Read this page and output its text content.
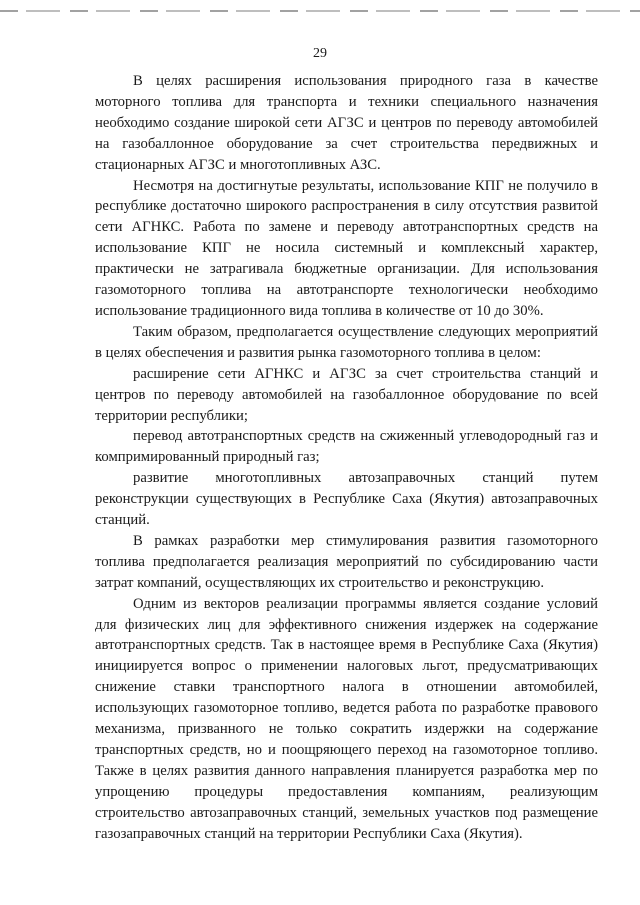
29

В целях расширения использования природного газа в качестве моторного топлива для транспорта и техники специального назначения необходимо создание широкой сети АГЗС и центров по переводу автомобилей на газобаллонное оборудование за счет строительства передвижных и стационарных АГЗС и многотопливных АЗС.

Несмотря на достигнутые результаты, использование КПГ не получило в республике достаточно широкого распространения в силу отсутствия развитой сети АГНКС. Работа по замене и переводу автотранспортных средств на использование КПГ не носила системный и комплексный характер, практически не затрагивала бюджетные организации. Для использования газомоторного топлива на автотранспорте технологически необходимо использование традиционного вида топлива в количестве от 10 до 30%.

Таким образом, предполагается осуществление следующих мероприятий в целях обеспечения и развития рынка газомоторного топлива в целом:

расширение сети АГНКС и АГЗС за счет строительства станций и центров по переводу автомобилей на газобаллонное оборудование по всей территории республики;

перевод автотранспортных средств на сжиженный углеводородный газ и компримированный природный газ;

развитие многотопливных автозаправочных станций путем реконструкции существующих в Республике Саха (Якутия) автозаправочных станций.

В рамках разработки мер стимулирования развития газомоторного топлива предполагается реализация мероприятий по субсидированию части затрат компаний, осуществляющих их строительство и реконструкцию.

Одним из векторов реализации программы является создание условий для физических лиц для эффективного снижения издержек на содержание автотранспортных средств. Так в настоящее время в Республике Саха (Якутия) инициируется вопрос о применении налоговых льгот, предусматривающих снижение ставки транспортного налога в отношении автомобилей, использующих газомоторное топливо, ведется работа по разработке правового механизма, призванного не только сократить издержки на содержание транспортных средств, но и поощряющего переход на газомоторное топливо. Также в целях развития данного направления планируется разработка мер по упрощению процедуры предоставления компаниям, реализующим строительство автозаправочных станций, земельных участков под размещение газозаправочных станций на территории Республики Саха (Якутия).
